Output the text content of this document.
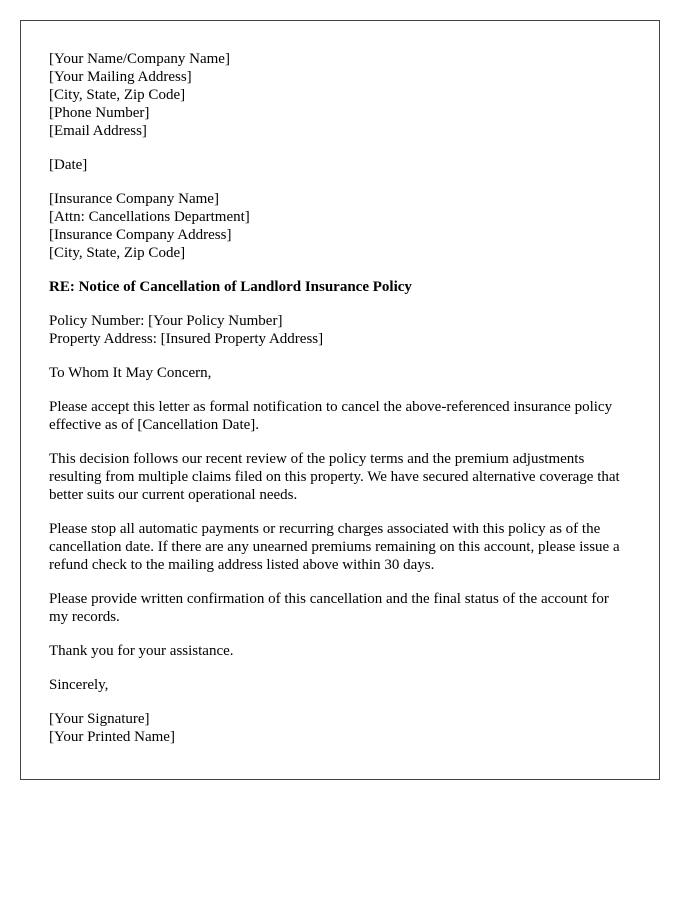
[Your Name/Company Name]
[Your Mailing Address]
[City, State, Zip Code]
[Phone Number]
[Email Address]
[Date]
[Insurance Company Name]
[Attn: Cancellations Department]
[Insurance Company Address]
[City, State, Zip Code]
RE: Notice of Cancellation of Landlord Insurance Policy
Policy Number: [Your Policy Number]
Property Address: [Insured Property Address]

To Whom It May Concern,

Please accept this letter as formal notification to cancel the above-referenced insurance policy effective as of [Cancellation Date].

This decision follows our recent review of the policy terms and the premium adjustments resulting from multiple claims filed on this property. We have secured alternative coverage that better suits our current operational needs.

Please stop all automatic payments or recurring charges associated with this policy as of the cancellation date. If there are any unearned premiums remaining on this account, please issue a refund check to the mailing address listed above within 30 days.

Please provide written confirmation of this cancellation and the final status of the account for my records.

Thank you for your assistance.

Sincerely,

[Your Signature]
[Your Printed Name]
